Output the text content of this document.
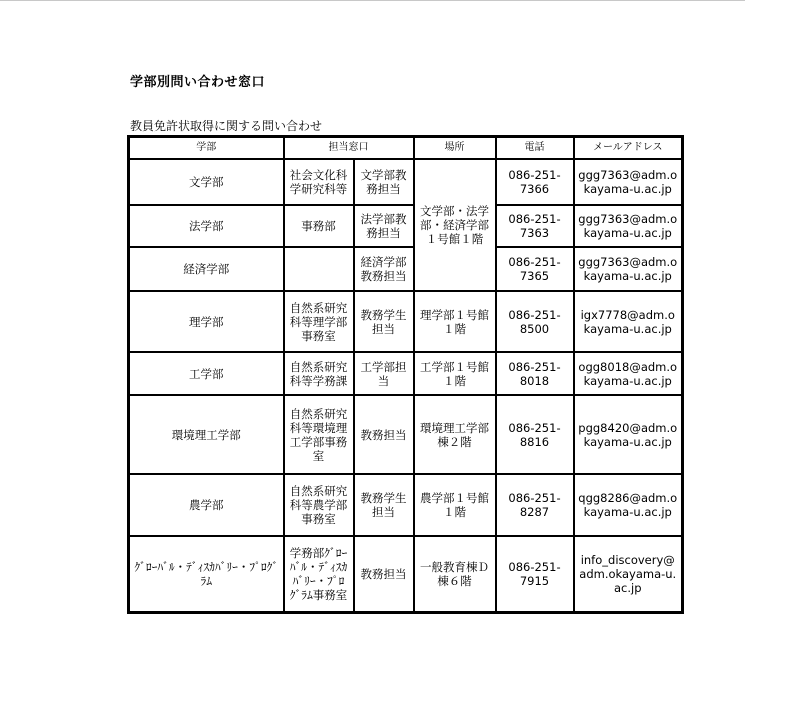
学部別問い合わせ窓口
教員免許状取得に関する問い合わせ
学部	担当窓口		場所	電話	メールアドレス
文学部	社会文化科学研究科等	文学部教務担当	文学部・法学部・経済学部１号館１階	086-251-7366	ggg7363@adm.okayama-u.ac.jp
法学部	事務部	法学部教務担当		086-251-7363	ggg7363@adm.okayama-u.ac.jp
経済学部		経済学部教務担当		086-251-7365	ggg7363@adm.okayama-u.ac.jp
理学部	自然系研究科等理学部事務室	教務学生担当	理学部１号館１階	086-251-8500	igx7778@adm.okayama-u.ac.jp
工学部	自然系研究科等学務課	工学部担当	工学部１号館１階	086-251-8018	ogg8018@adm.okayama-u.ac.jp
環境理工学部	自然系研究科等環境理工学部事務室	教務担当	環境理工学部棟２階	086-251-8816	pgg8420@adm.okayama-u.ac.jp
農学部	自然系研究科等農学部事務室	教務学生担当	農学部１号館１階	086-251-8287	qgg8286@adm.okayama-u.ac.jp
ｸﾞﾛｰﾊﾞﾙ・ﾃﾞｨｽｶﾊﾞﾘｰ・ﾌﾟﾛｸﾞﾗﾑ	学務部ｸﾞﾛｰﾊﾞﾙ・ﾃﾞｨｽｶﾊﾞﾘｰ・ﾌﾟﾛｸﾞﾗﾑ事務室	教務担当	一般教育棟Ｄ棟６階	086-251-7915	info_discovery@adm.okayama-u.ac.jp
